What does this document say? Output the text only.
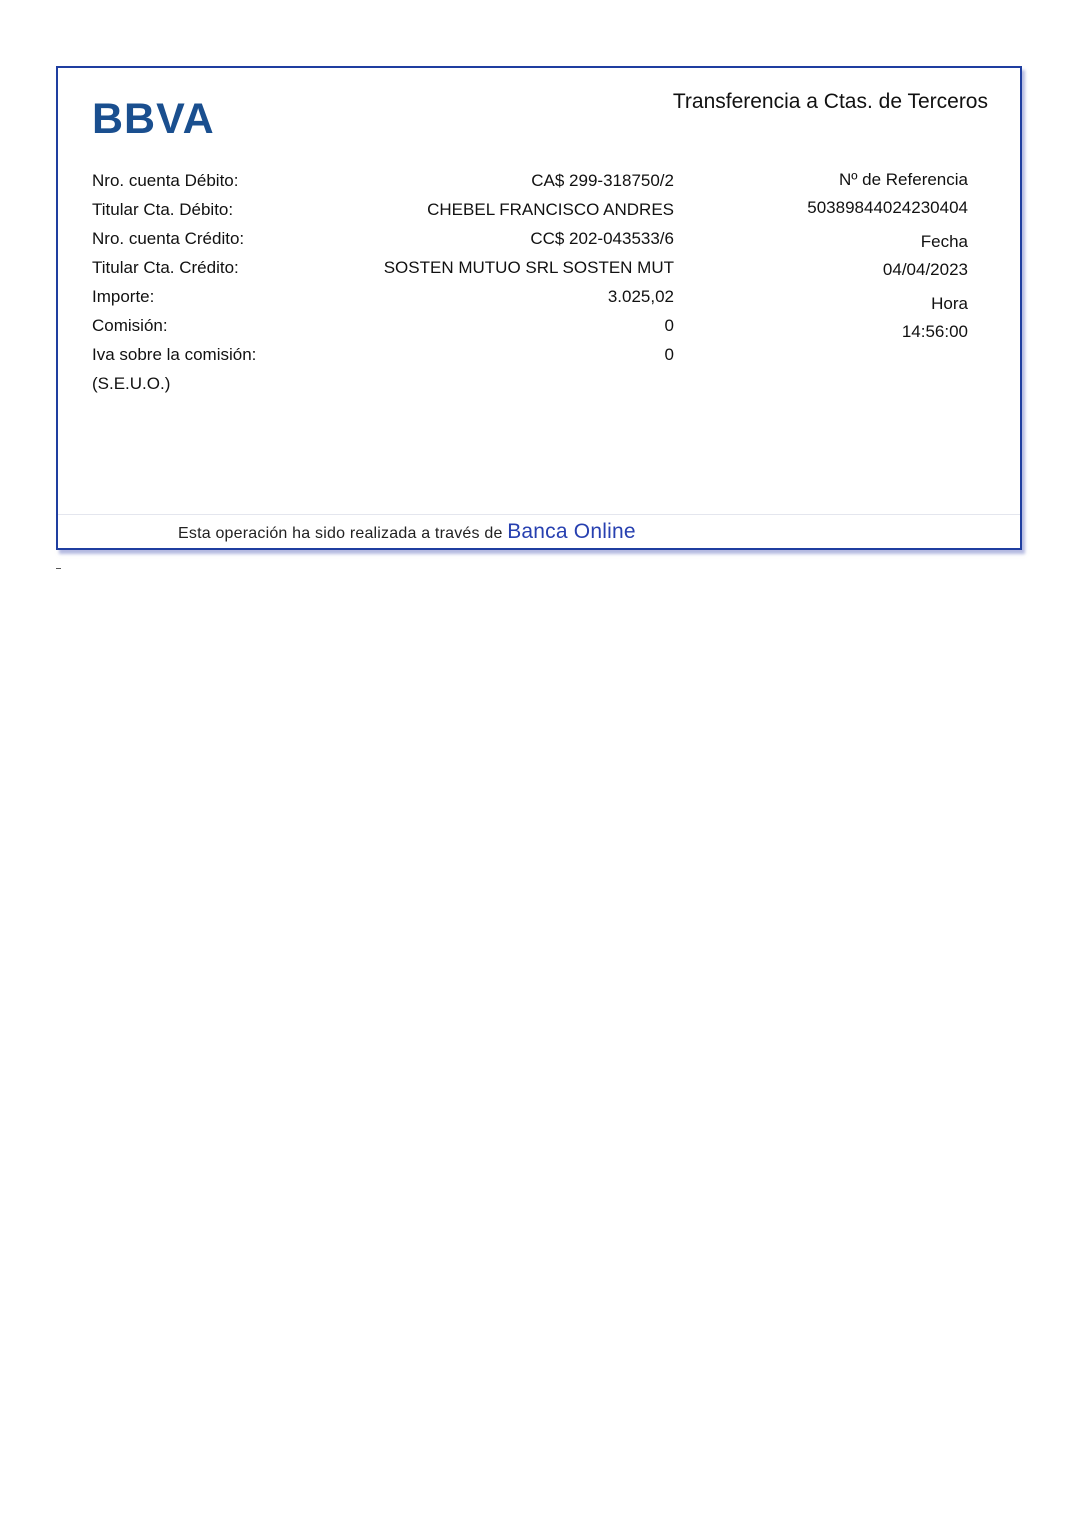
BBVA	Transferencia a Ctas. de Terceros
Nro. cuenta Débito:
Titular Cta. Débito:
Nro. cuenta Crédito:
Titular Cta. Crédito:
Importe:
Comisión:
Iva sobre la comisión:
(S.E.U.O.)
CA$ 299-318750/2
CHEBEL FRANCISCO ANDRES
CC$ 202-043533/6
SOSTEN MUTUO SRL SOSTEN MUT
3.025,02
0
0
Nº de Referencia
50389844024230404
Fecha
04/04/2023
Hora
14:56:00
Esta operación ha sido realizada a través de Banca Online
